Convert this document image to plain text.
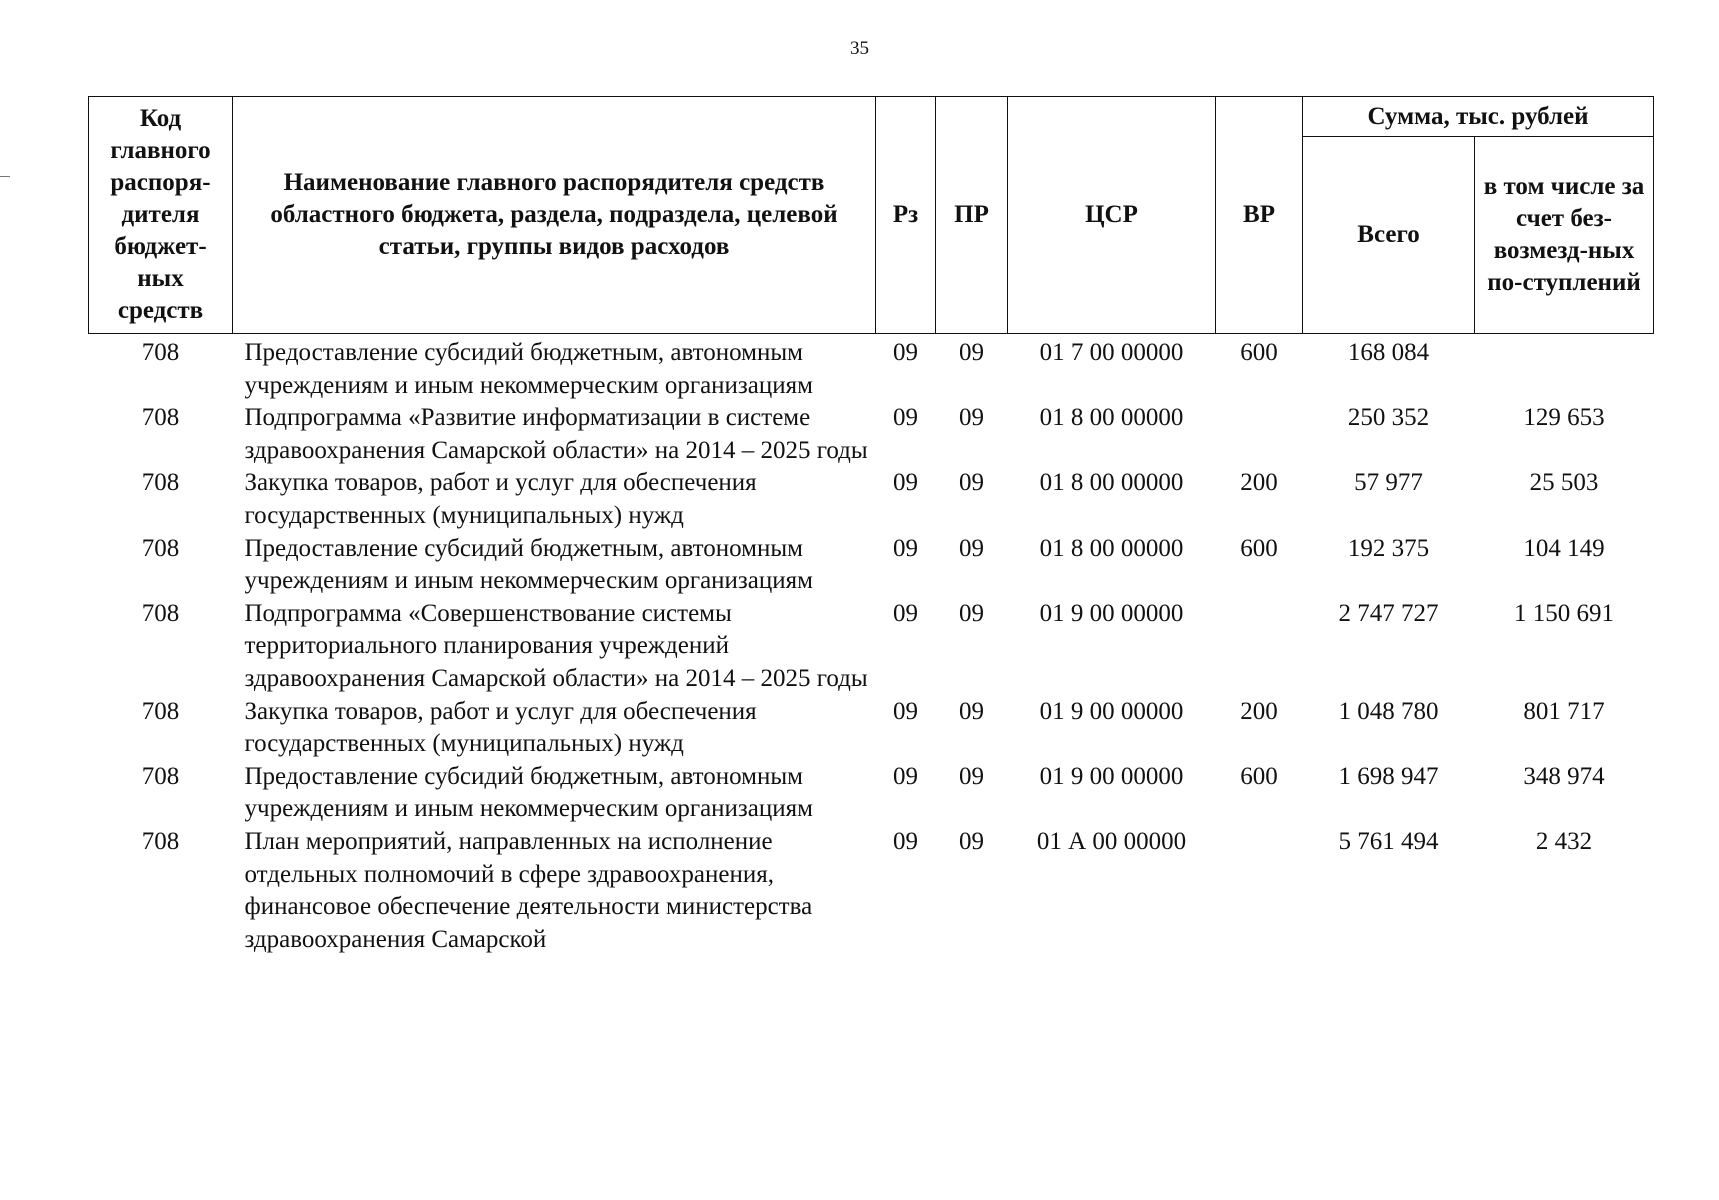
35
Код главного распоря-дителя бюджет-ных средств	Наименование главного распорядителя средств областного бюджета, раздела, подраздела, целевой статьи, группы видов расходов	Рз	ПР	ЦСР	ВР	Сумма, тыс. рублей	
						Всего	в том числе за счет без-возмезд-ных по-ступлений
708	Предоставление субсидий бюджетным, автономным учреждениям и иным некоммерческим организациям	09	09	01 7 00 00000	600	168 084	
708	Подпрограмма «Развитие информатизации в системе здравоохранения Самарской области» на 2014 – 2025 годы	09	09	01 8 00 00000		250 352	129 653
708	Закупка товаров, работ и услуг для обеспечения государственных (муниципальных) нужд	09	09	01 8 00 00000	200	57 977	25 503
708	Предоставление субсидий бюджетным, автономным учреждениям и иным некоммерческим организациям	09	09	01 8 00 00000	600	192 375	104 149
708	Подпрограмма «Совершенствование системы территориального планирования учреждений здравоохранения Самарской области» на 2014 – 2025 годы	09	09	01 9 00 00000		2 747 727	1 150 691
708	Закупка товаров, работ и услуг для обеспечения государственных (муниципальных) нужд	09	09	01 9 00 00000	200	1 048 780	801 717
708	Предоставление субсидий бюджетным, автономным учреждениям и иным некоммерческим организациям	09	09	01 9 00 00000	600	1 698 947	348 974
708	План мероприятий, направленных на исполнение отдельных полномочий в сфере здравоохранения, финансовое обеспечение деятельности министерства здравоохранения Самарской	09	09	01 А 00 00000		5 761 494	2 432
